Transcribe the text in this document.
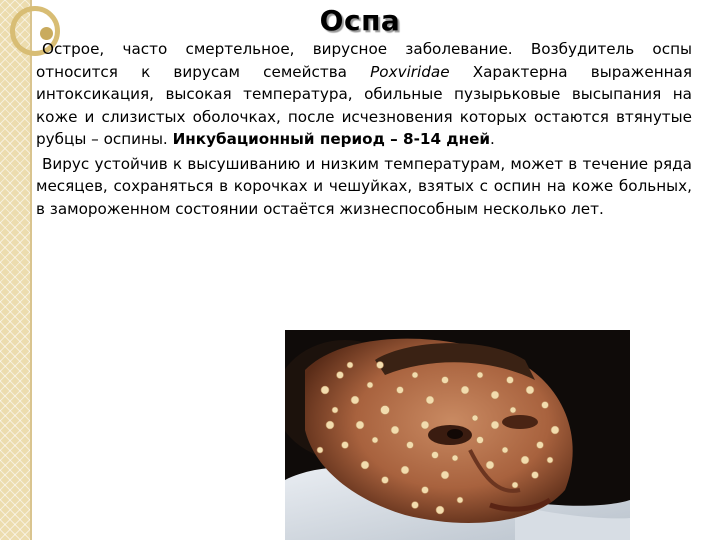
Оспа

Острое, часто смертельное, вирусное заболевание. Возбудитель оспы относится к вирусам семейства Poxviridae Характерна выраженная интоксикация, высокая температура, обильные пузырьковые высыпания на коже и слизистых оболочках, после исчезновения которых остаются втянутые рубцы – оспины. Инкубационный период – 8-14 дней.

Вирус устойчив к высушиванию и низким температурам, может в течение ряда месяцев, сохраняться в корочках и чешуйках, взятых с оспин на коже больных, в замороженном состоянии остаётся жизнеспособным несколько лет.
